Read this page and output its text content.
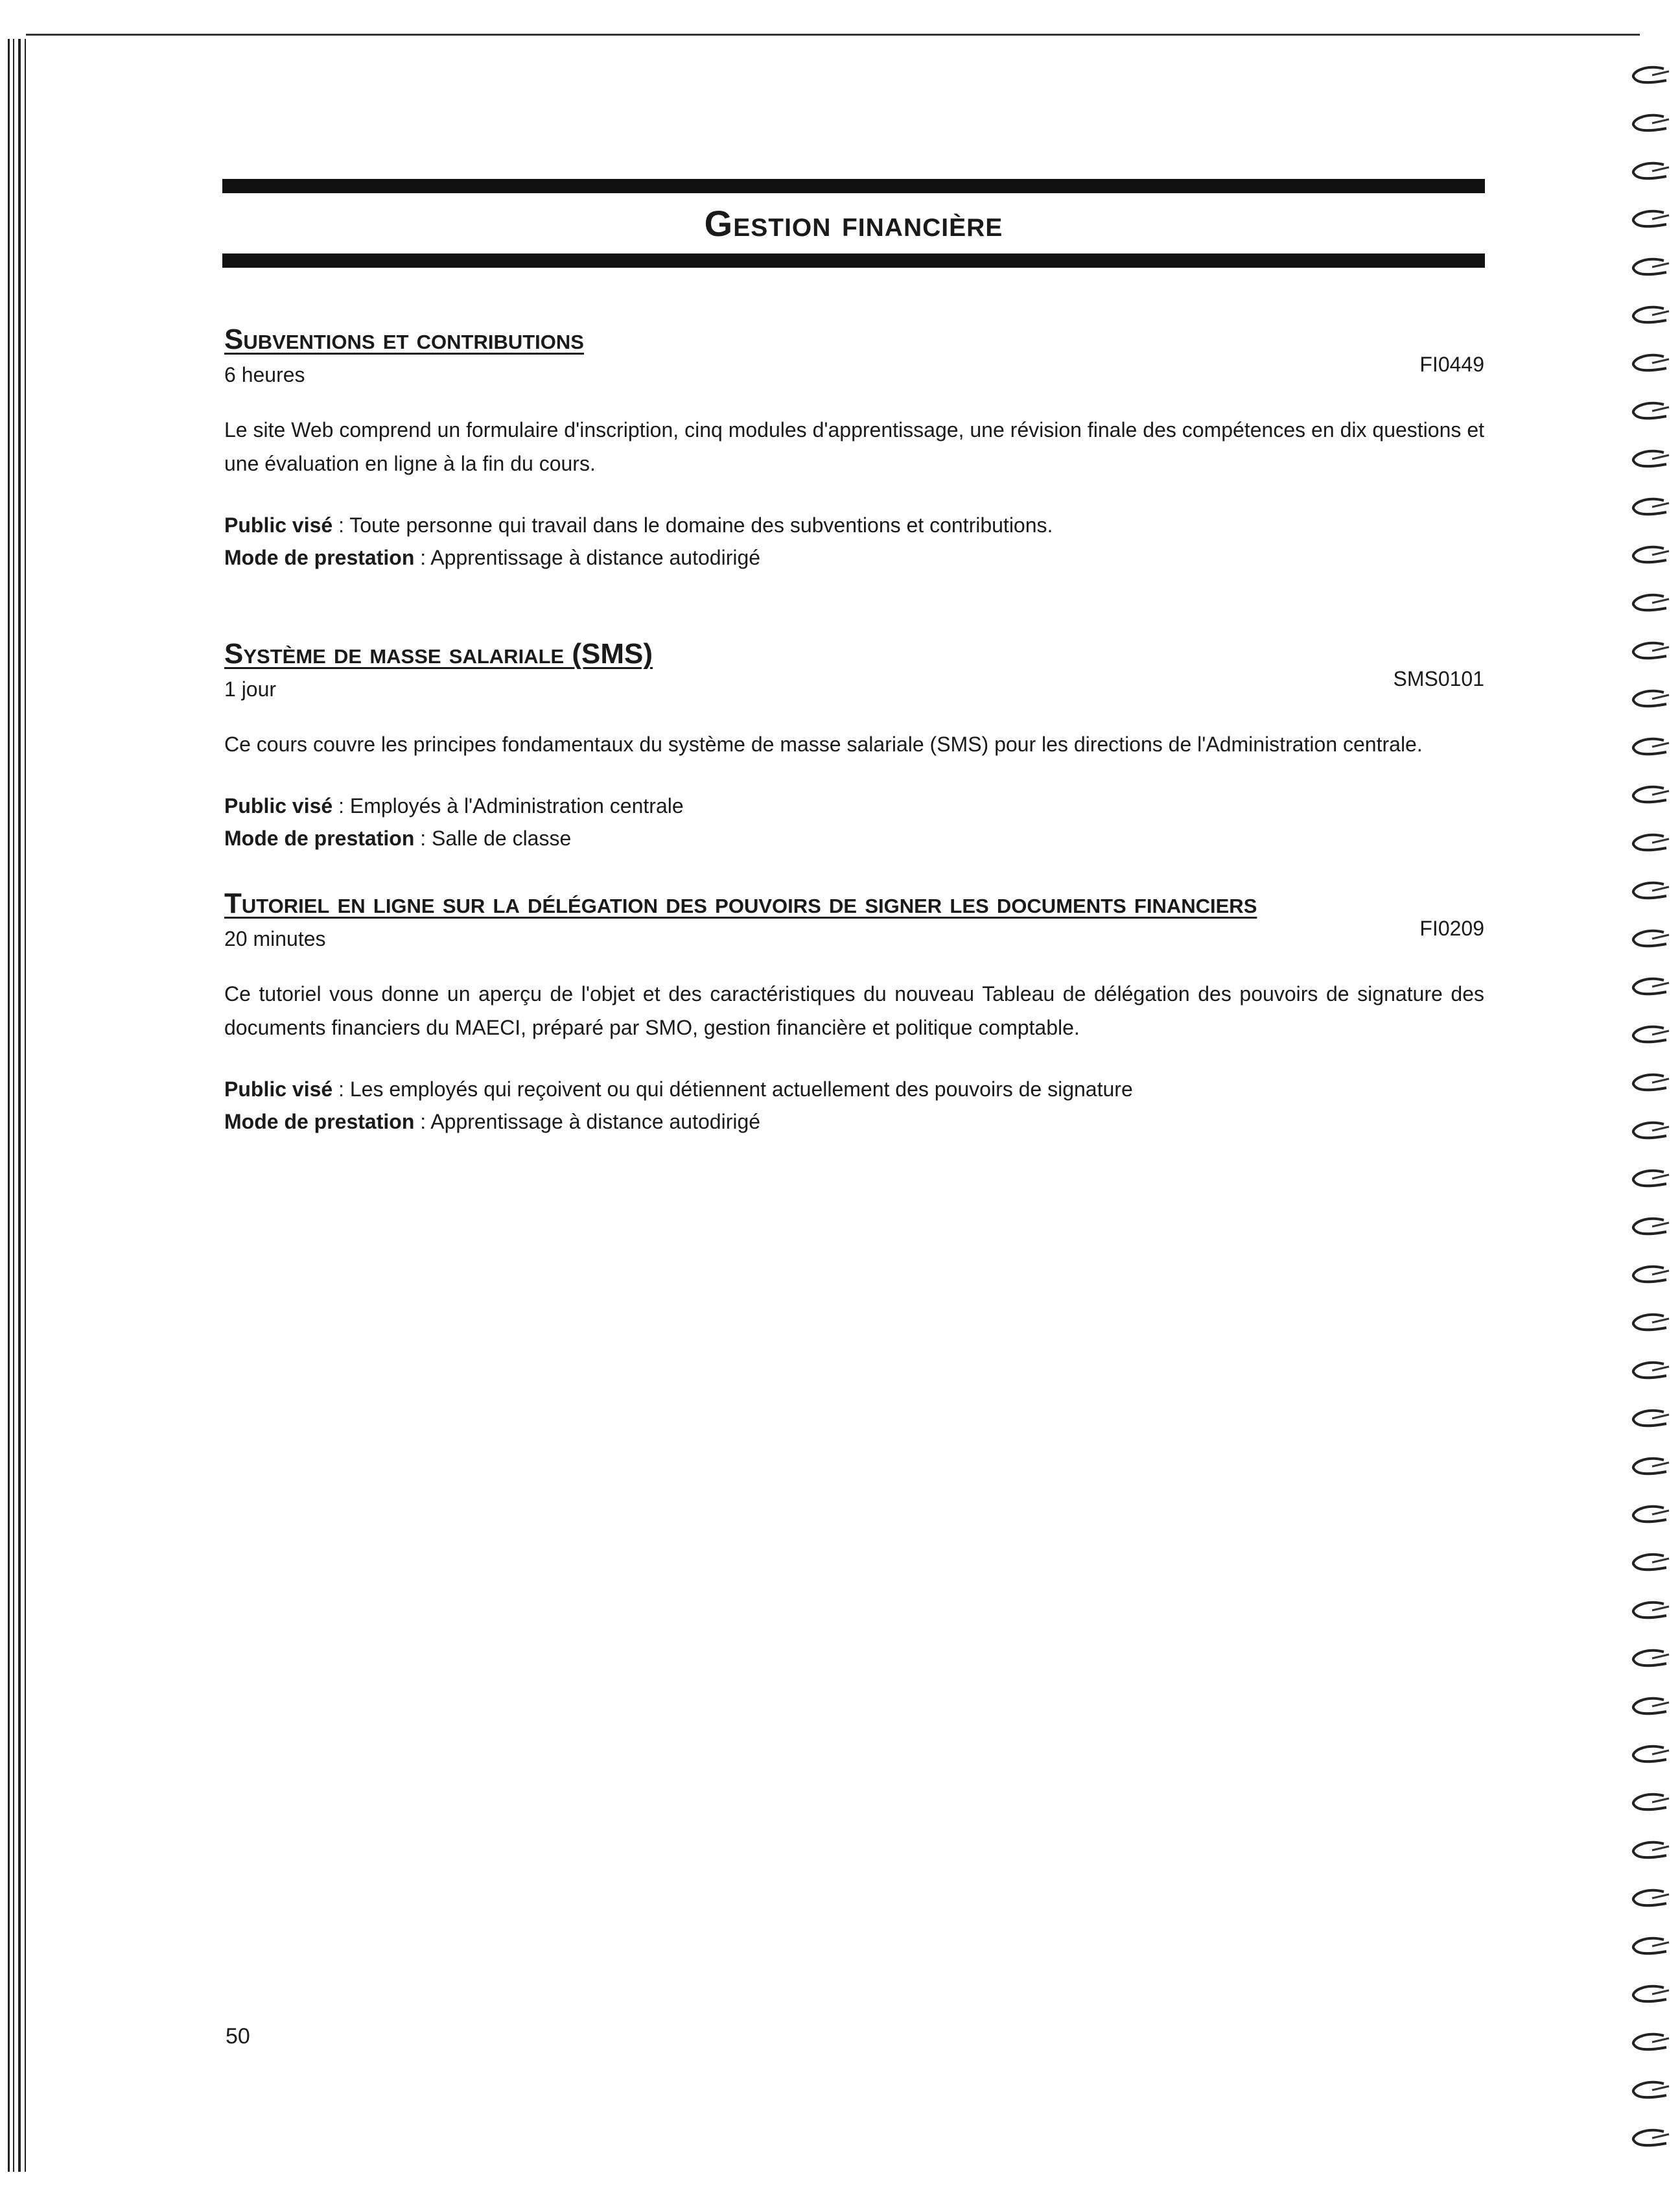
Gestion financière
Subventions et contributions
6 heures	FI0449

Le site Web comprend un formulaire d'inscription, cinq modules d'apprentissage, une révision finale des compétences en dix questions et une évaluation en ligne à la fin du cours.

Public visé : Toute personne qui travail dans le domaine des subventions et contributions.
Mode de prestation : Apprentissage à distance autodirigé

Système de masse salariale (SMS)
1 jour	SMS0101

Ce cours couvre les principes fondamentaux du système de masse salariale (SMS) pour les directions de l'Administration centrale.

Public visé : Employés à l'Administration centrale
Mode de prestation : Salle de classe

Tutoriel en ligne sur la délégation des pouvoirs de signer les documents financiers
20 minutes	FI0209

Ce tutoriel vous donne un aperçu de l'objet et des caractéristiques du nouveau Tableau de délégation des pouvoirs de signature des documents financiers du MAECI, préparé par SMO, gestion financière et politique comptable.

Public visé : Les employés qui reçoivent ou qui détiennent actuellement des pouvoirs de signature
Mode de prestation : Apprentissage à distance autodirigé

50
